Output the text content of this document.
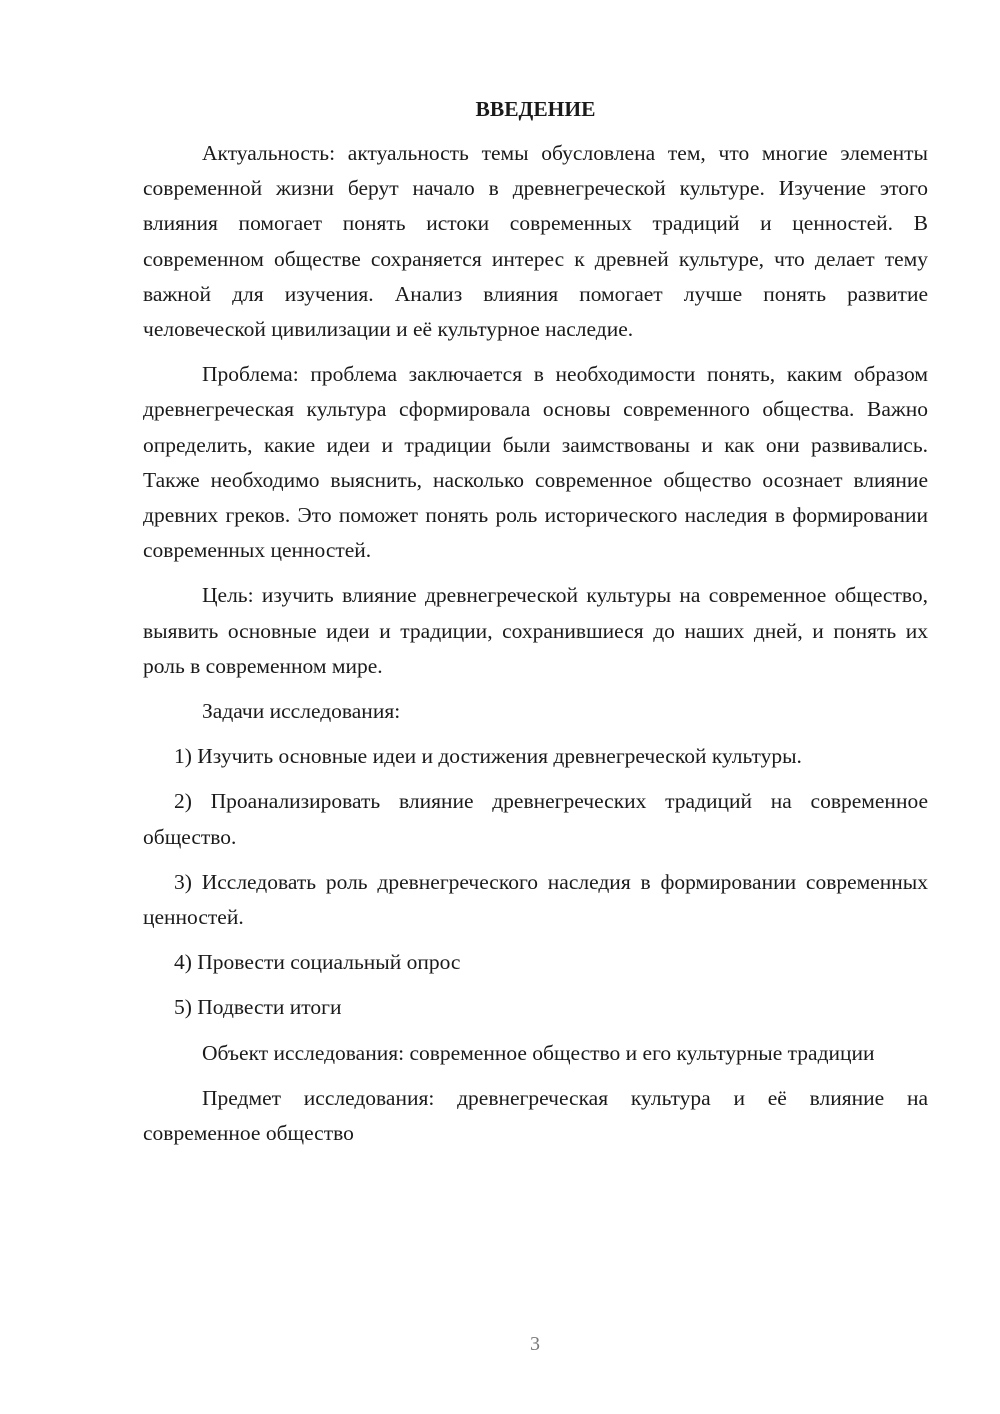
ВВЕДЕНИЕ

Актуальность: актуальность темы обусловлена тем, что многие элементы современной жизни берут начало в древнегреческой культуре. Изучение этого влияния помогает понять истоки современных традиций и ценностей. В современном обществе сохраняется интерес к древней культуре, что делает тему важной для изучения. Анализ влияния помогает лучше понять развитие человеческой цивилизации и её культурное наследие.

Проблема: проблема заключается в необходимости понять, каким образом древнегреческая культура сформировала основы современного общества. Важно определить, какие идеи и традиции были заимствованы и как они развивались. Также необходимо выяснить, насколько современное общество осознает влияние древних греков. Это поможет понять роль исторического наследия в формировании современных ценностей.

Цель: изучить влияние древнегреческой культуры на современное общество, выявить основные идеи и традиции, сохранившиеся до наших дней, и понять их роль в современном мире.

Задачи исследования:

1) Изучить основные идеи и достижения древнегреческой культуры.

2) Проанализировать влияние древнегреческих традиций на современное общество.

3) Исследовать роль древнегреческого наследия в формировании современных ценностей.

4) Провести социальный опрос

5) Подвести итоги

Объект исследования: современное общество и его культурные традиции

Предмет исследования: древнегреческая культура и её влияние на современное общество

3
